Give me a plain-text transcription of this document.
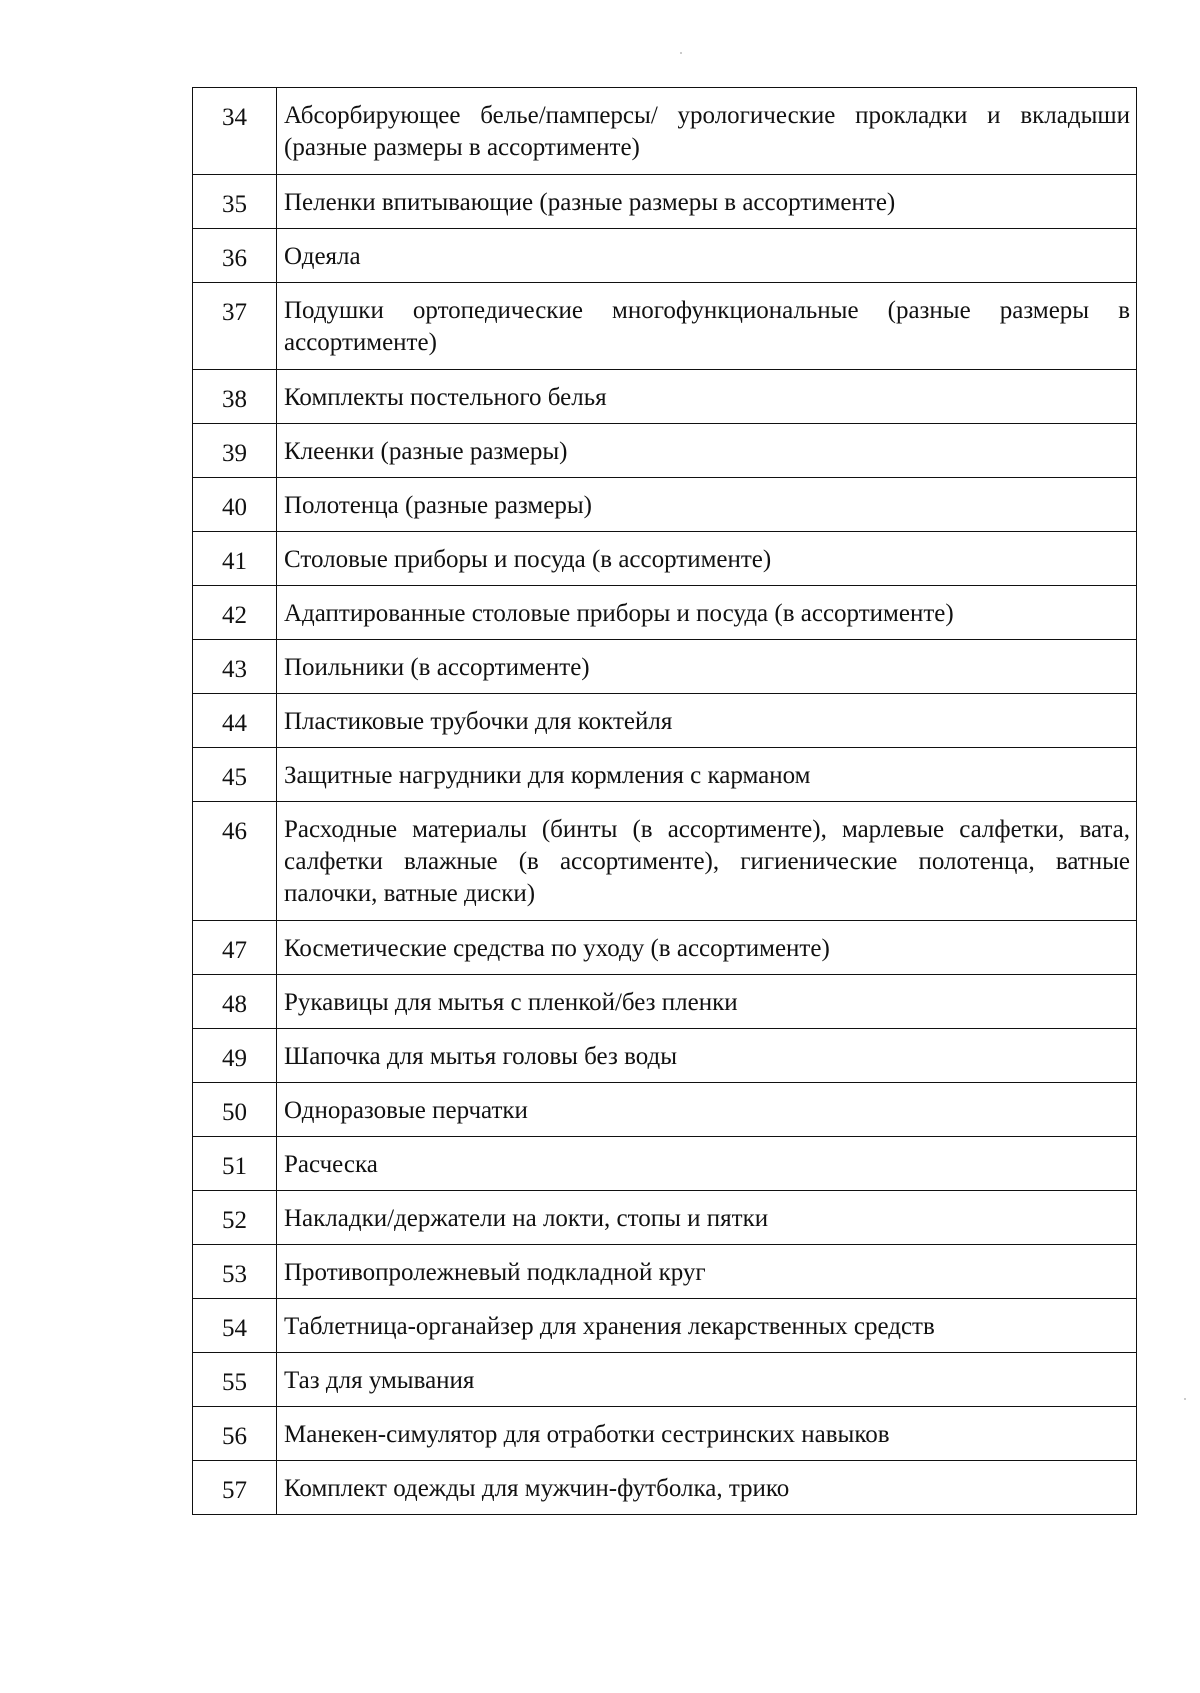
34	Абсорбирующее белье/памперсы/ урологические прокладки и вкладыши (разные размеры в ассортименте)
35	Пеленки впитывающие (разные размеры в ассортименте)
36	Одеяла
37	Подушки ортопедические многофункциональные (разные размеры в ассортименте)
38	Комплекты постельного белья
39	Клеенки (разные размеры)
40	Полотенца (разные размеры)
41	Столовые приборы и посуда (в ассортименте)
42	Адаптированные столовые приборы и посуда (в ассортименте)
43	Поильники (в ассортименте)
44	Пластиковые трубочки для коктейля
45	Защитные нагрудники для кормления с карманом
46	Расходные материалы (бинты (в ассортименте), марлевые салфетки, вата, салфетки влажные (в ассортименте), гигиенические полотенца, ватные палочки, ватные диски)
47	Косметические средства по уходу (в ассортименте)
48	Рукавицы для мытья с пленкой/без пленки
49	Шапочка для мытья головы без воды
50	Одноразовые перчатки
51	Расческа
52	Накладки/держатели на локти, стопы и пятки
53	Противопролежневый подкладной круг
54	Таблетница-органайзер для хранения лекарственных средств
55	Таз для умывания
56	Манекен-симулятор для отработки сестринских навыков
57	Комплект одежды для мужчин-футболка, трико
